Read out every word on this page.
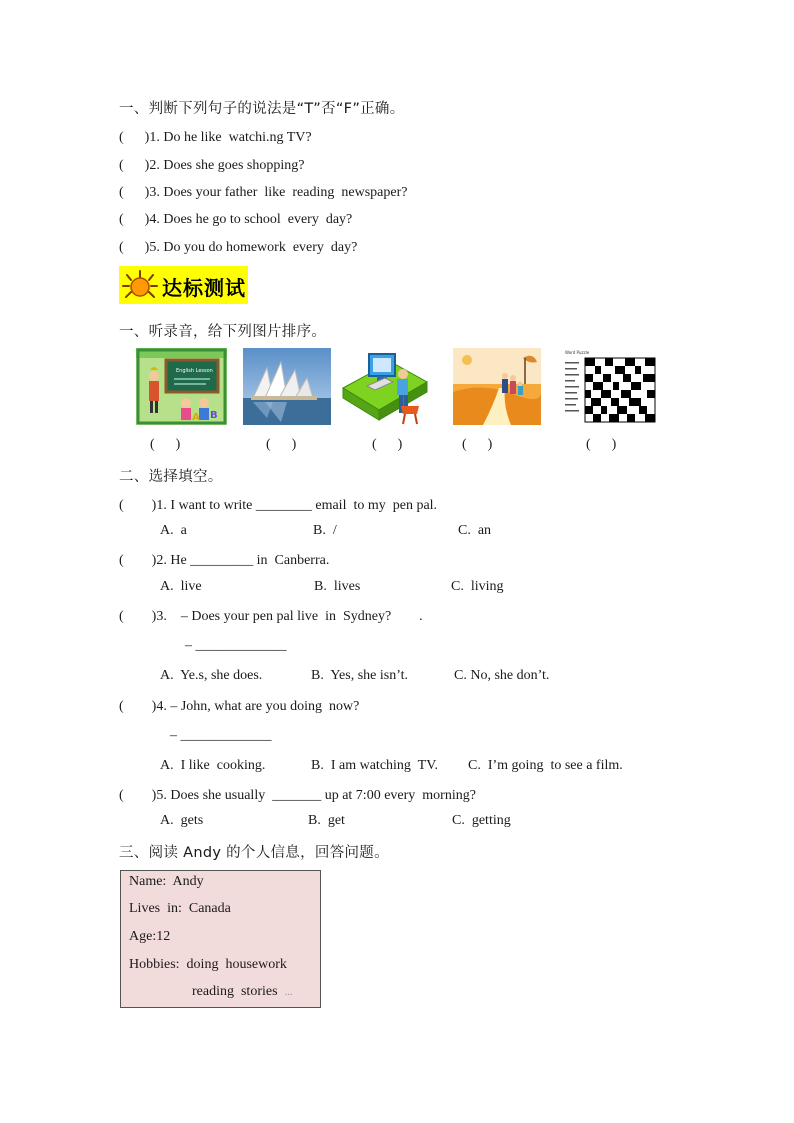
一、判断下列句子的说法是“T”否“F”正确。
(      )1. Do he like  watchi.ng TV?
(      )2. Does she goes shopping?
(      )3. Does your father  like  reading  newspaper?
(      )4. Does he go to school  every  day?
(      )5. Do you do homework  every  day?
达标测试
一、听录音，给下列图片排序。
English Lesson
A B
Word Puzzle
(      )	(      )	(      )	(      )	(      )
二、选择填空。
(        )1. I want to write ________ email  to my  pen pal.
A.  a	B.  /	C.  an
(        )2. He _________ in  Canberra.
A.  live	B.  lives	C.  living
(        )3.    – Does your pen pal live  in  Sydney?        .
– _____________
A.  Ye.s, she does.	B.  Yes, she isn’t.	C. No, she don’t.
(        )4. – John, what are you doing  now?
– _____________
A.  I like  cooking.	B.  I am watching  TV. C.  I’m going  to see a film.
(        )5. Does she usually  _______ up at 7:00 every  morning?
A.  gets	B.  get	C.  getting
三、阅读 Andy 的个人信息，回答问题。
Name:  Andy
Lives  in:  Canada
Age:12
Hobbies:  doing  housework
reading  stories ...
